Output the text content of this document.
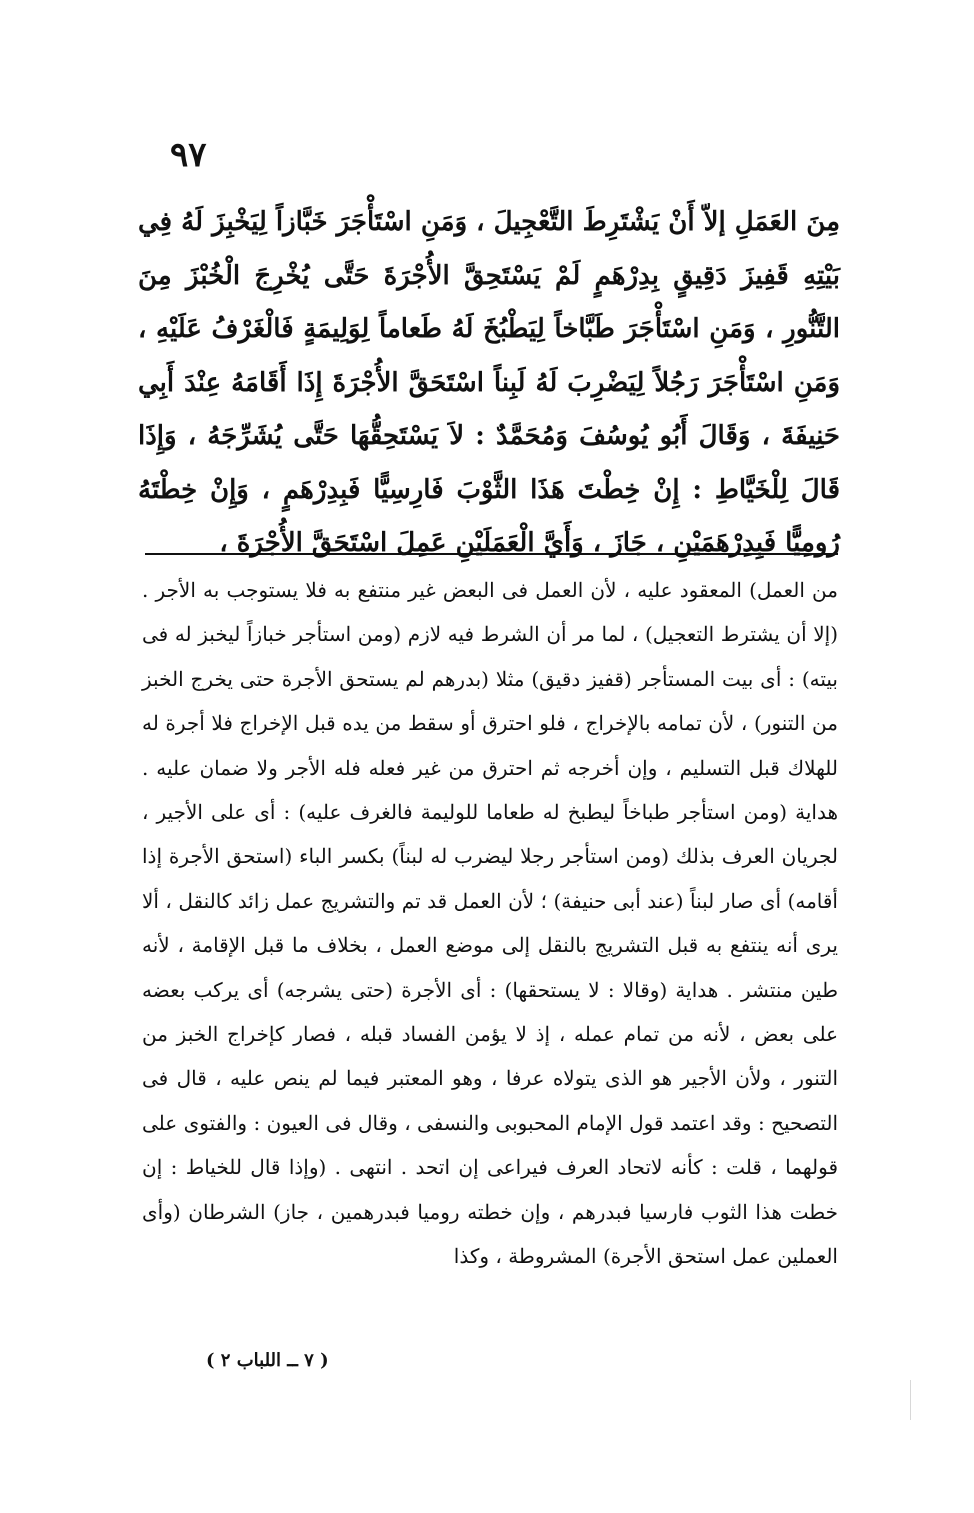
٩٧

مِنَ العَمَلِ إلاّ أَنْ يَشْتَرِطَ التَّعْجِيلَ ، وَمَنِ اسْتَأْجَرَ خَبَّازاً لِيَخْبِزَ لَهُ فِي بَيْتِهِ قَفِيزَ دَقِيقٍ بِدِرْهَمٍ لَمْ يَسْتَحِقَّ الأُجْرَةَ حَتَّى يُخْرِجَ الْخُبْزَ مِنَ التَّنُّورِ ، وَمَنِ اسْتَأْجَرَ طَبَّاخاً لِيَطْبُخَ لَهُ طَعاماً لِوَلِيمَةٍ فَالْغَرْفُ عَلَيْهِ ، وَمَنِ اسْتَأْجَرَ رَجُلاً لِيَضْرِبَ لَهُ لَبِناً اسْتَحَقَّ الأُجْرَةَ إِذَا أَقَامَهُ عِنْدَ أَبِي حَنِيفَةَ ، وَقَالَ أَبُو يُوسُفَ وَمُحَمَّدٌ : لاَ يَسْتَحِقُّهَا حَتَّى يُشَرِّجَهُ ، وَإِذَا قَالَ لِلْخَيَّاطِ : إِنْ خِطْتَ هَذَا الثَّوْبَ فَارِسِيًّا فَبِدِرْهَمٍ ، وَإِنْ خِطْتَهُ رُومِيًّا فَبِدِرْهَمَيْنِ ، جَازَ ، وَأَيَّ الْعَمَلَيْنِ عَمِلَ اسْتَحَقَّ الأُجْرَةَ ،

من العمل) المعقود عليه ، لأن العمل فى البعض غير منتفع به فلا يستوجب به الأجر . (إلا أن يشترط التعجيل) ، لما مر أن الشرط فيه لازم (ومن استأجر خبازاً ليخبز له فى بيته) : أى بيت المستأجر (قفيز دقيق) مثلا (بدرهم لم يستحق الأجرة حتى يخرج الخبز من التنور) ، لأن تمامه بالإخراج ، فلو احترق أو سقط من يده قبل الإخراج فلا أجرة له للهلاك قبل التسليم ، وإن أخرجه ثم احترق من غير فعله فله الأجر ولا ضمان عليه . هداية (ومن استأجر طباخاً ليطبخ له طعاما للوليمة فالغرف عليه) : أى على الأجير ، لجريان العرف بذلك (ومن استأجر رجلا ليضرب له لبناً) بكسر الباء (استحق الأجرة إذا أقامه) أى صار لبناً (عند أبى حنيفة) ؛ لأن العمل قد تم والتشريج عمل زائد كالنقل ، ألا يرى أنه ينتفع به قبل التشريج بالنقل إلى موضع العمل ، بخلاف ما قبل الإقامة ، لأنه طين منتشر . هداية (وقالا : لا يستحقها) : أى الأجرة (حتى يشرجه) أى يركب بعضه على بعض ، لأنه من تمام عمله ، إذ لا يؤمن الفساد قبله ، فصار كإخراج الخبز من التنور ، ولأن الأجير هو الذى يتولاه عرفا ، وهو المعتبر فيما لم ينص عليه ، قال فى التصحيح : وقد اعتمد قول الإمام المحبوبى والنسفى ، وقال فى العيون : والفتوى على قولهما ، قلت : كأنه لاتحاد العرف فيراعى إن اتحد . انتهى . (وإذا قال للخياط : إن خطت هذا الثوب فارسيا فبدرهم ، وإن خطته روميا فبدرهمين ، جاز) الشرطان (وأى العملين عمل استحق الأجرة) المشروطة ، وكذا

( ٧ ــ اللباب ٢ )
